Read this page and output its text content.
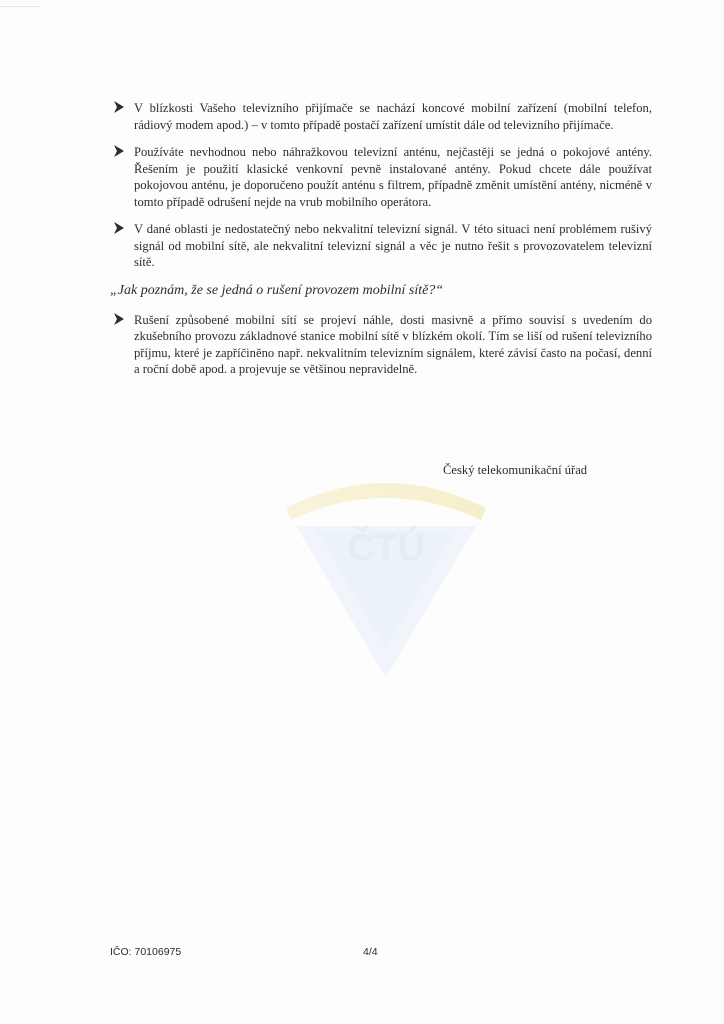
ČTÚ
V blízkosti Vašeho televizního přijímače se nachází koncové mobilní zařízení (mobilní telefon, rádiový modem apod.) – v tomto případě postačí zařízení umístit dále od televizního přijímače.
Používáte nevhodnou nebo náhražkovou televizní anténu, nejčastěji se jedná o pokojové antény. Řešením je použití klasické venkovní pevně instalované antény. Pokud chcete dále používat pokojovou anténu, je doporučeno použít anténu s filtrem, případně změnit umístění antény, nicméně v tomto případě odrušení nejde na vrub mobilního operátora.
V dané oblasti je nedostatečný nebo nekvalitní televizní signál. V této situaci není problémem rušivý signál od mobilní sítě, ale nekvalitní televizní signál a věc je nutno řešit s provozovatelem televizní sítě.
„Jak poznám, že se jedná o rušení provozem mobilní sítě?“
Rušení způsobené mobilní sítí se projeví náhle, dosti masivně a přímo souvisí s uvedením do zkušebního provozu základnové stanice mobilní sítě v blízkém okolí. Tím se liší od rušení televizního příjmu, které je zapříčiněno např. nekvalitním televizním signálem, které závisí často na počasí, denní a roční době apod. a projevuje se většinou nepravidelně.
Český telekomunikační úřad
IČO: 70106975	4/4
